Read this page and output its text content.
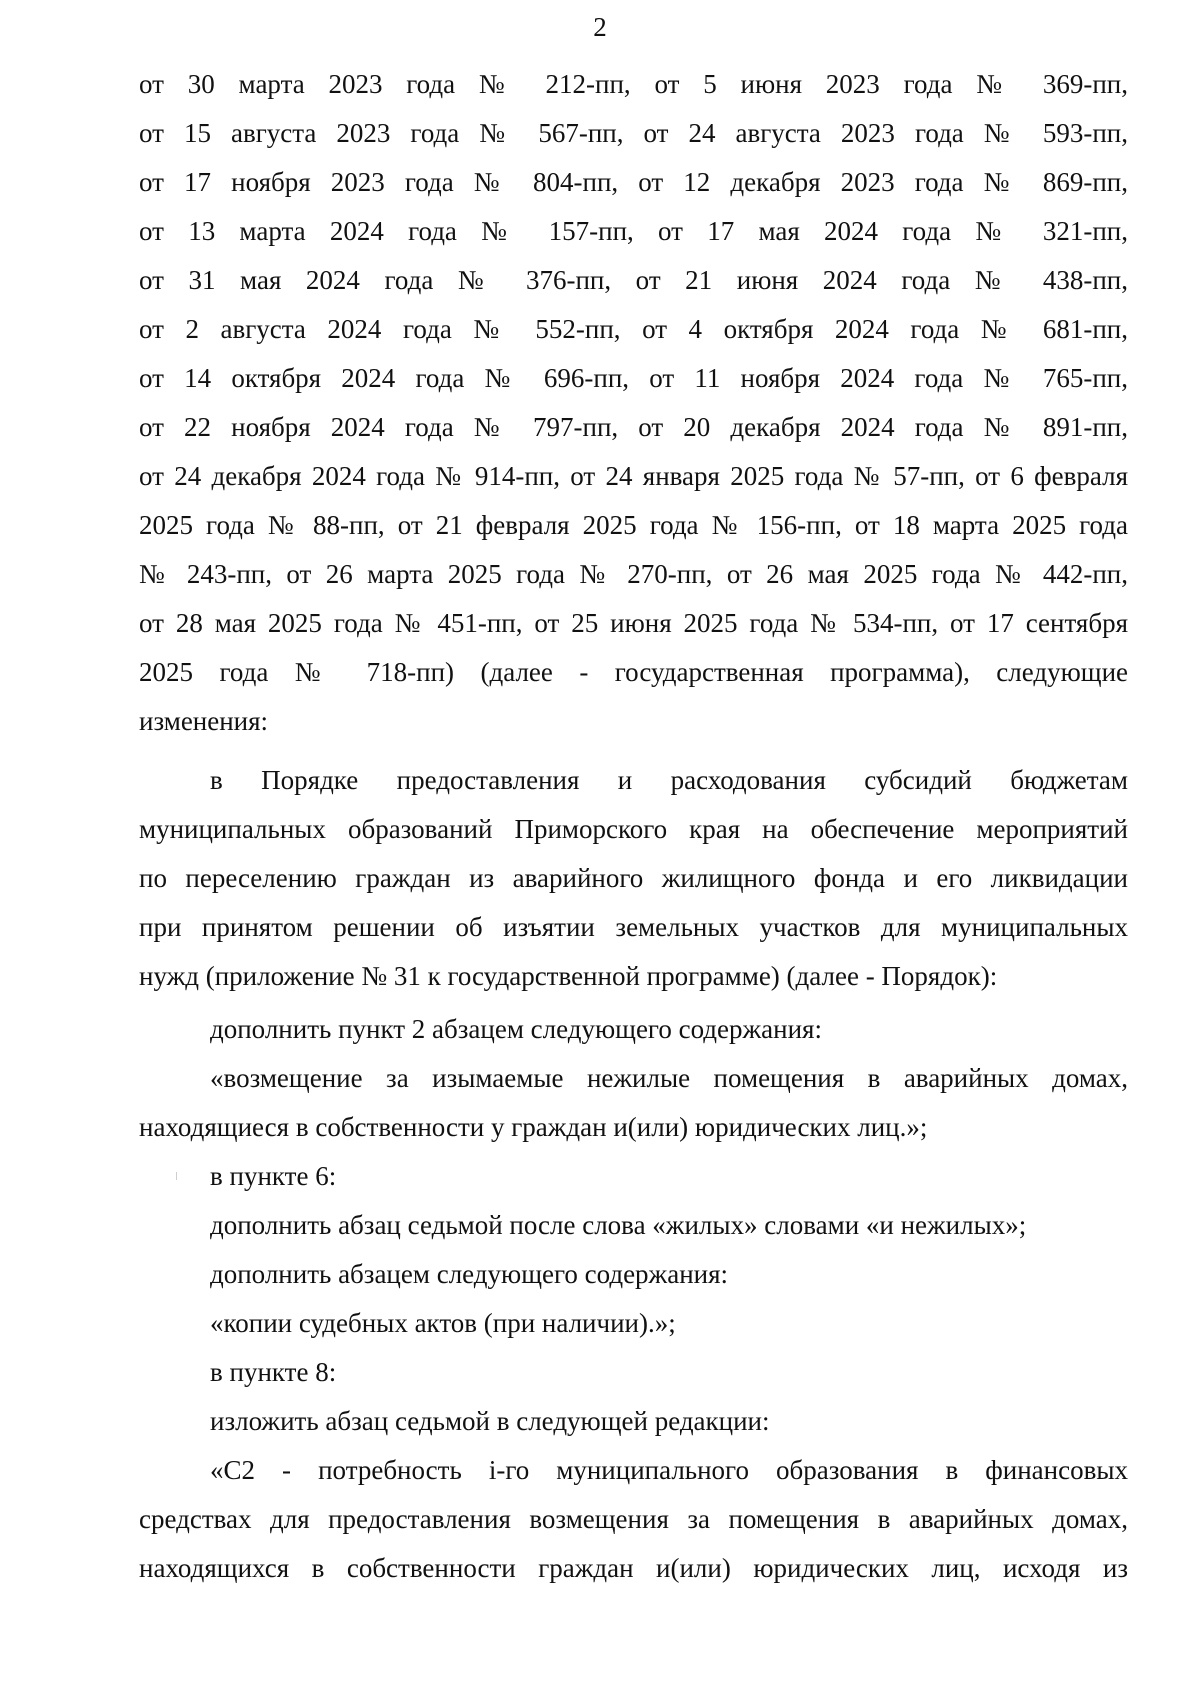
2
от 30 марта 2023 года № 212-пп, от 5 июня 2023 года № 369-пп,
от 15 августа 2023 года № 567-пп, от 24 августа 2023 года № 593-пп,
от 17 ноября 2023 года № 804-пп, от 12 декабря 2023 года № 869-пп,
от 13 марта 2024 года № 157-пп, от 17 мая 2024 года № 321-пп,
от 31 мая 2024 года № 376-пп, от 21 июня 2024 года № 438-пп,
от 2 августа 2024 года № 552-пп, от 4 октября 2024 года № 681-пп,
от 14 октября 2024 года № 696-пп, от 11 ноября 2024 года № 765-пп,
от 22 ноября 2024 года № 797-пп, от 20 декабря 2024 года № 891-пп,
от 24 декабря 2024 года № 914-пп, от 24 января 2025 года № 57-пп, от 6 февраля
2025 года № 88-пп, от 21 февраля 2025 года № 156-пп, от 18 марта 2025 года
№ 243-пп, от 26 марта 2025 года № 270-пп, от 26 мая 2025 года № 442-пп,
от 28 мая 2025 года № 451-пп, от 25 июня 2025 года № 534-пп, от 17 сентября
2025 года № 718-пп) (далее - государственная программа), следующие
изменения:
в Порядке предоставления и расходования субсидий бюджетам
муниципальных образований Приморского края на обеспечение мероприятий
по переселению граждан из аварийного жилищного фонда и его ликвидации
при принятом решении об изъятии земельных участков для муниципальных
нужд (приложение № 31 к государственной программе) (далее - Порядок):
дополнить пункт 2 абзацем следующего содержания:
«возмещение за изымаемые нежилые помещения в аварийных домах,
находящиеся в собственности у граждан и(или) юридических лиц.»;
в пункте 6:
дополнить абзац седьмой после слова «жилых» словами «и нежилых»;
дополнить абзацем следующего содержания:
«копии судебных актов (при наличии).»;
в пункте 8:
изложить абзац седьмой в следующей редакции:
«С2 - потребность i-го муниципального образования в финансовых
средствах для предоставления возмещения за помещения в аварийных домах,
находящихся в собственности граждан и(или) юридических лиц, исходя из
